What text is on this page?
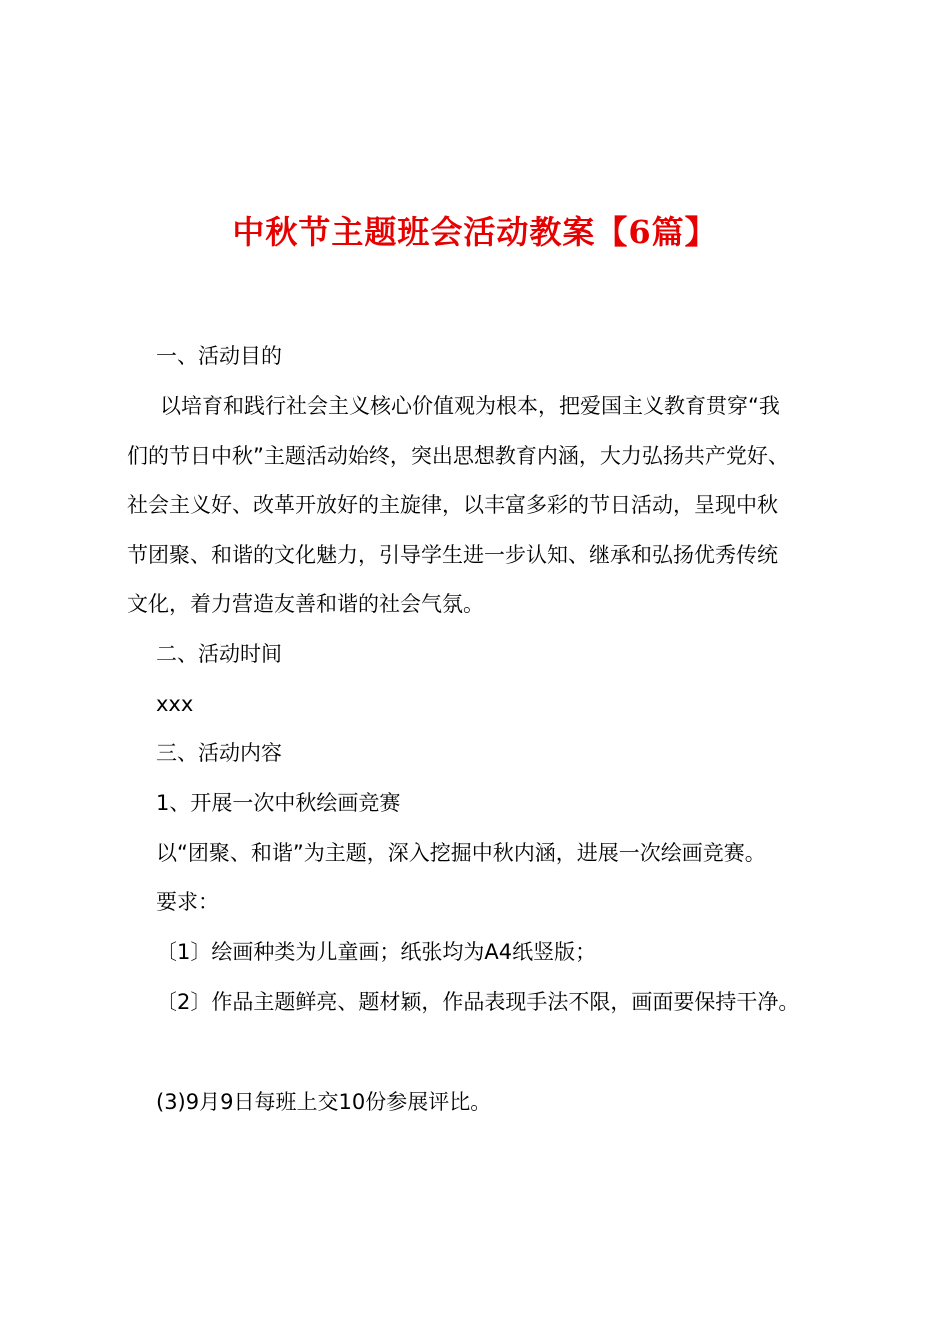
中秋节主题班会活动教案【6篇】

一、活动目的

以培育和践行社会主义核心价值观为根本，把爱国主义教育贯穿“我

们的节日中秋”主题活动始终，突出思想教育内涵，大力弘扬共产党好、

社会主义好、改革开放好的主旋律，以丰富多彩的节日活动，呈现中秋

节团聚、和谐的文化魅力，引导学生进一步认知、继承和弘扬优秀传统

文化，着力营造友善和谐的社会气氛。

二、活动时间

xxx

三、活动内容

1、开展一次中秋绘画竞赛

以“团聚、和谐”为主题，深入挖掘中秋内涵，进展一次绘画竞赛。

要求：

〔1〕绘画种类为儿童画；纸张均为A4纸竖版；

〔2〕作品主题鲜亮、题材颖，作品表现手法不限，画面要保持干净。

(3)9月9日每班上交10份参展评比。
